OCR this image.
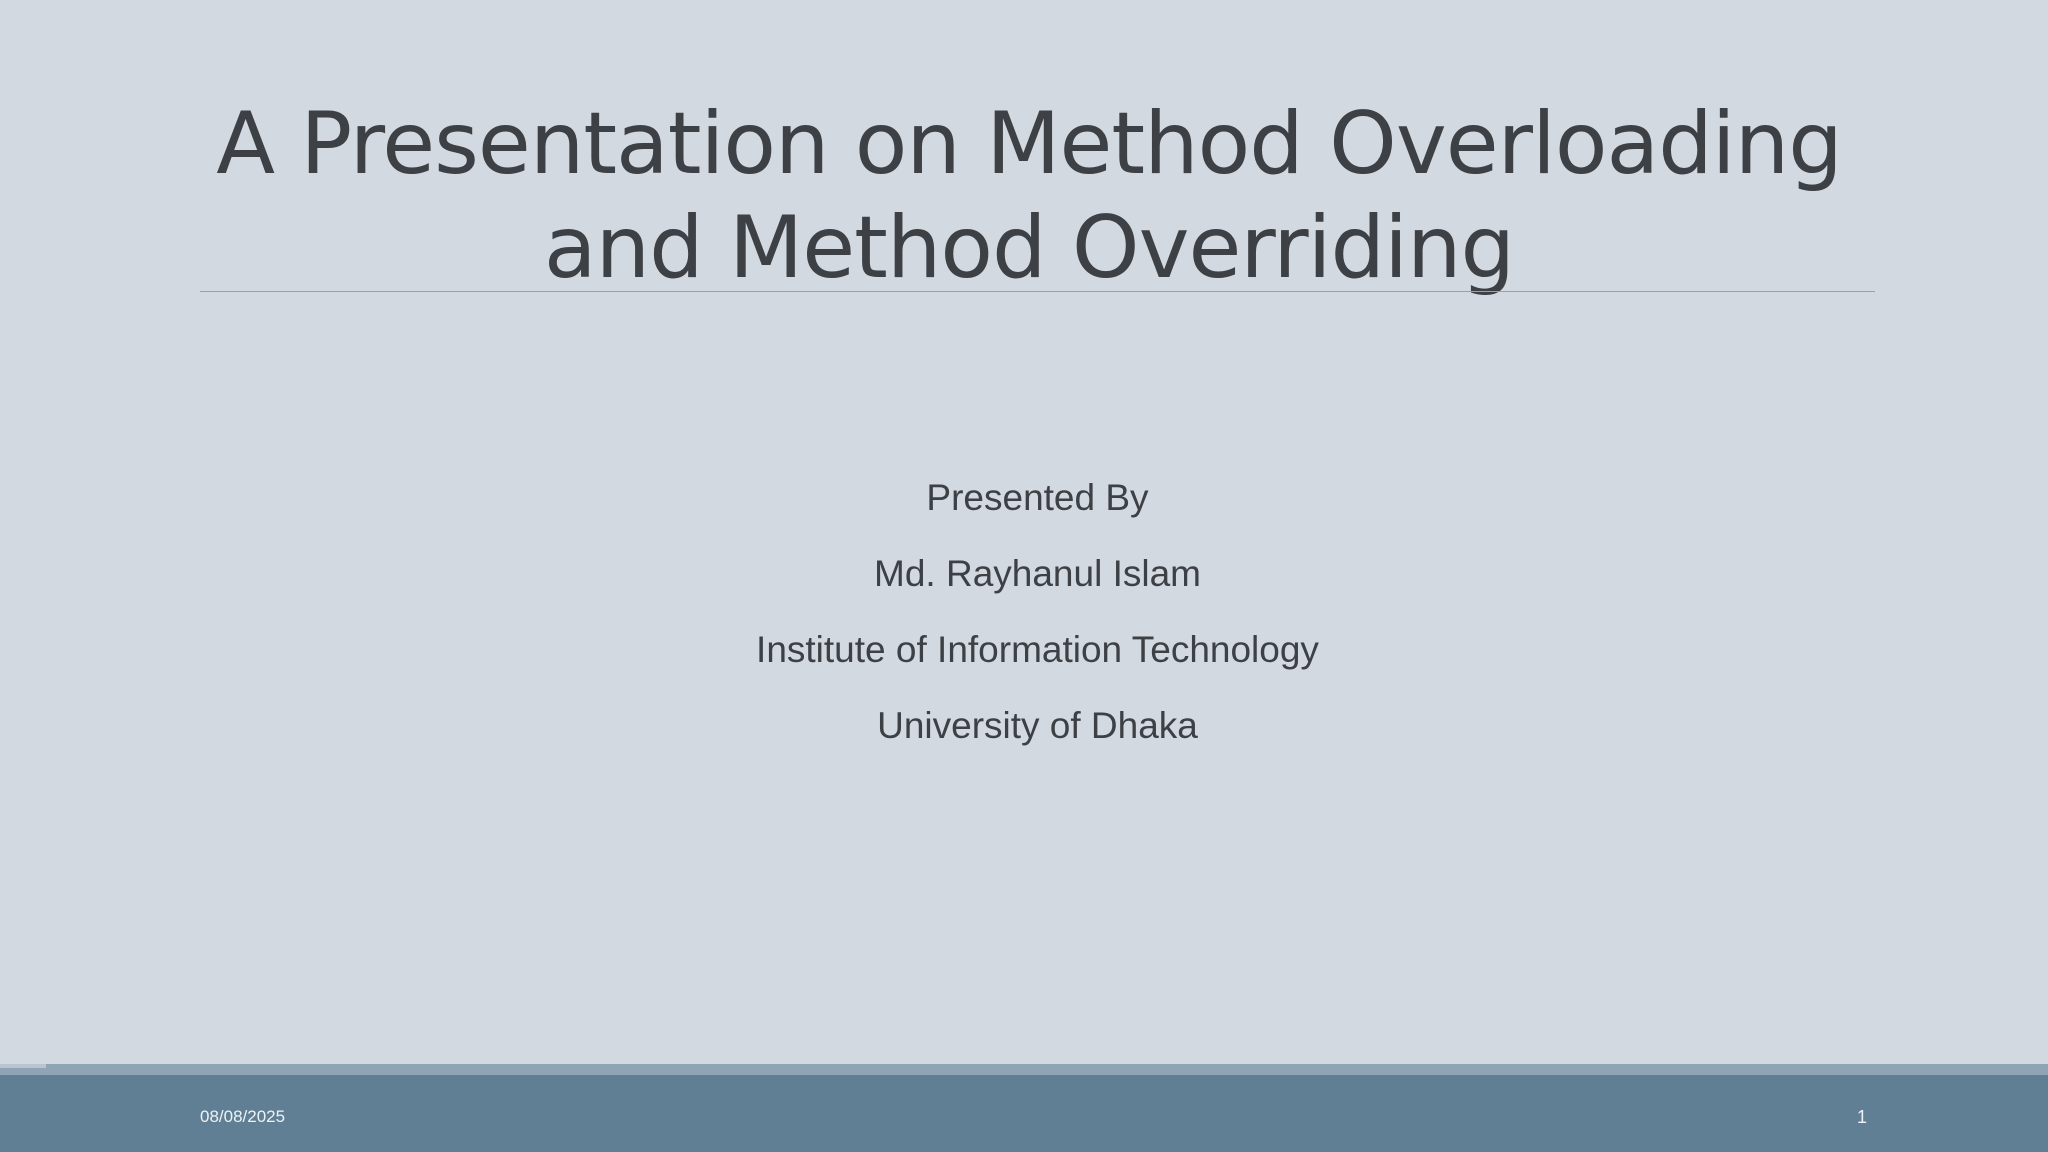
A Presentation on Method Overloading
and Method Overriding
Presented By
Md. Rayhanul Islam
Institute of Information Technology
University of Dhaka
08/08/2025	1
